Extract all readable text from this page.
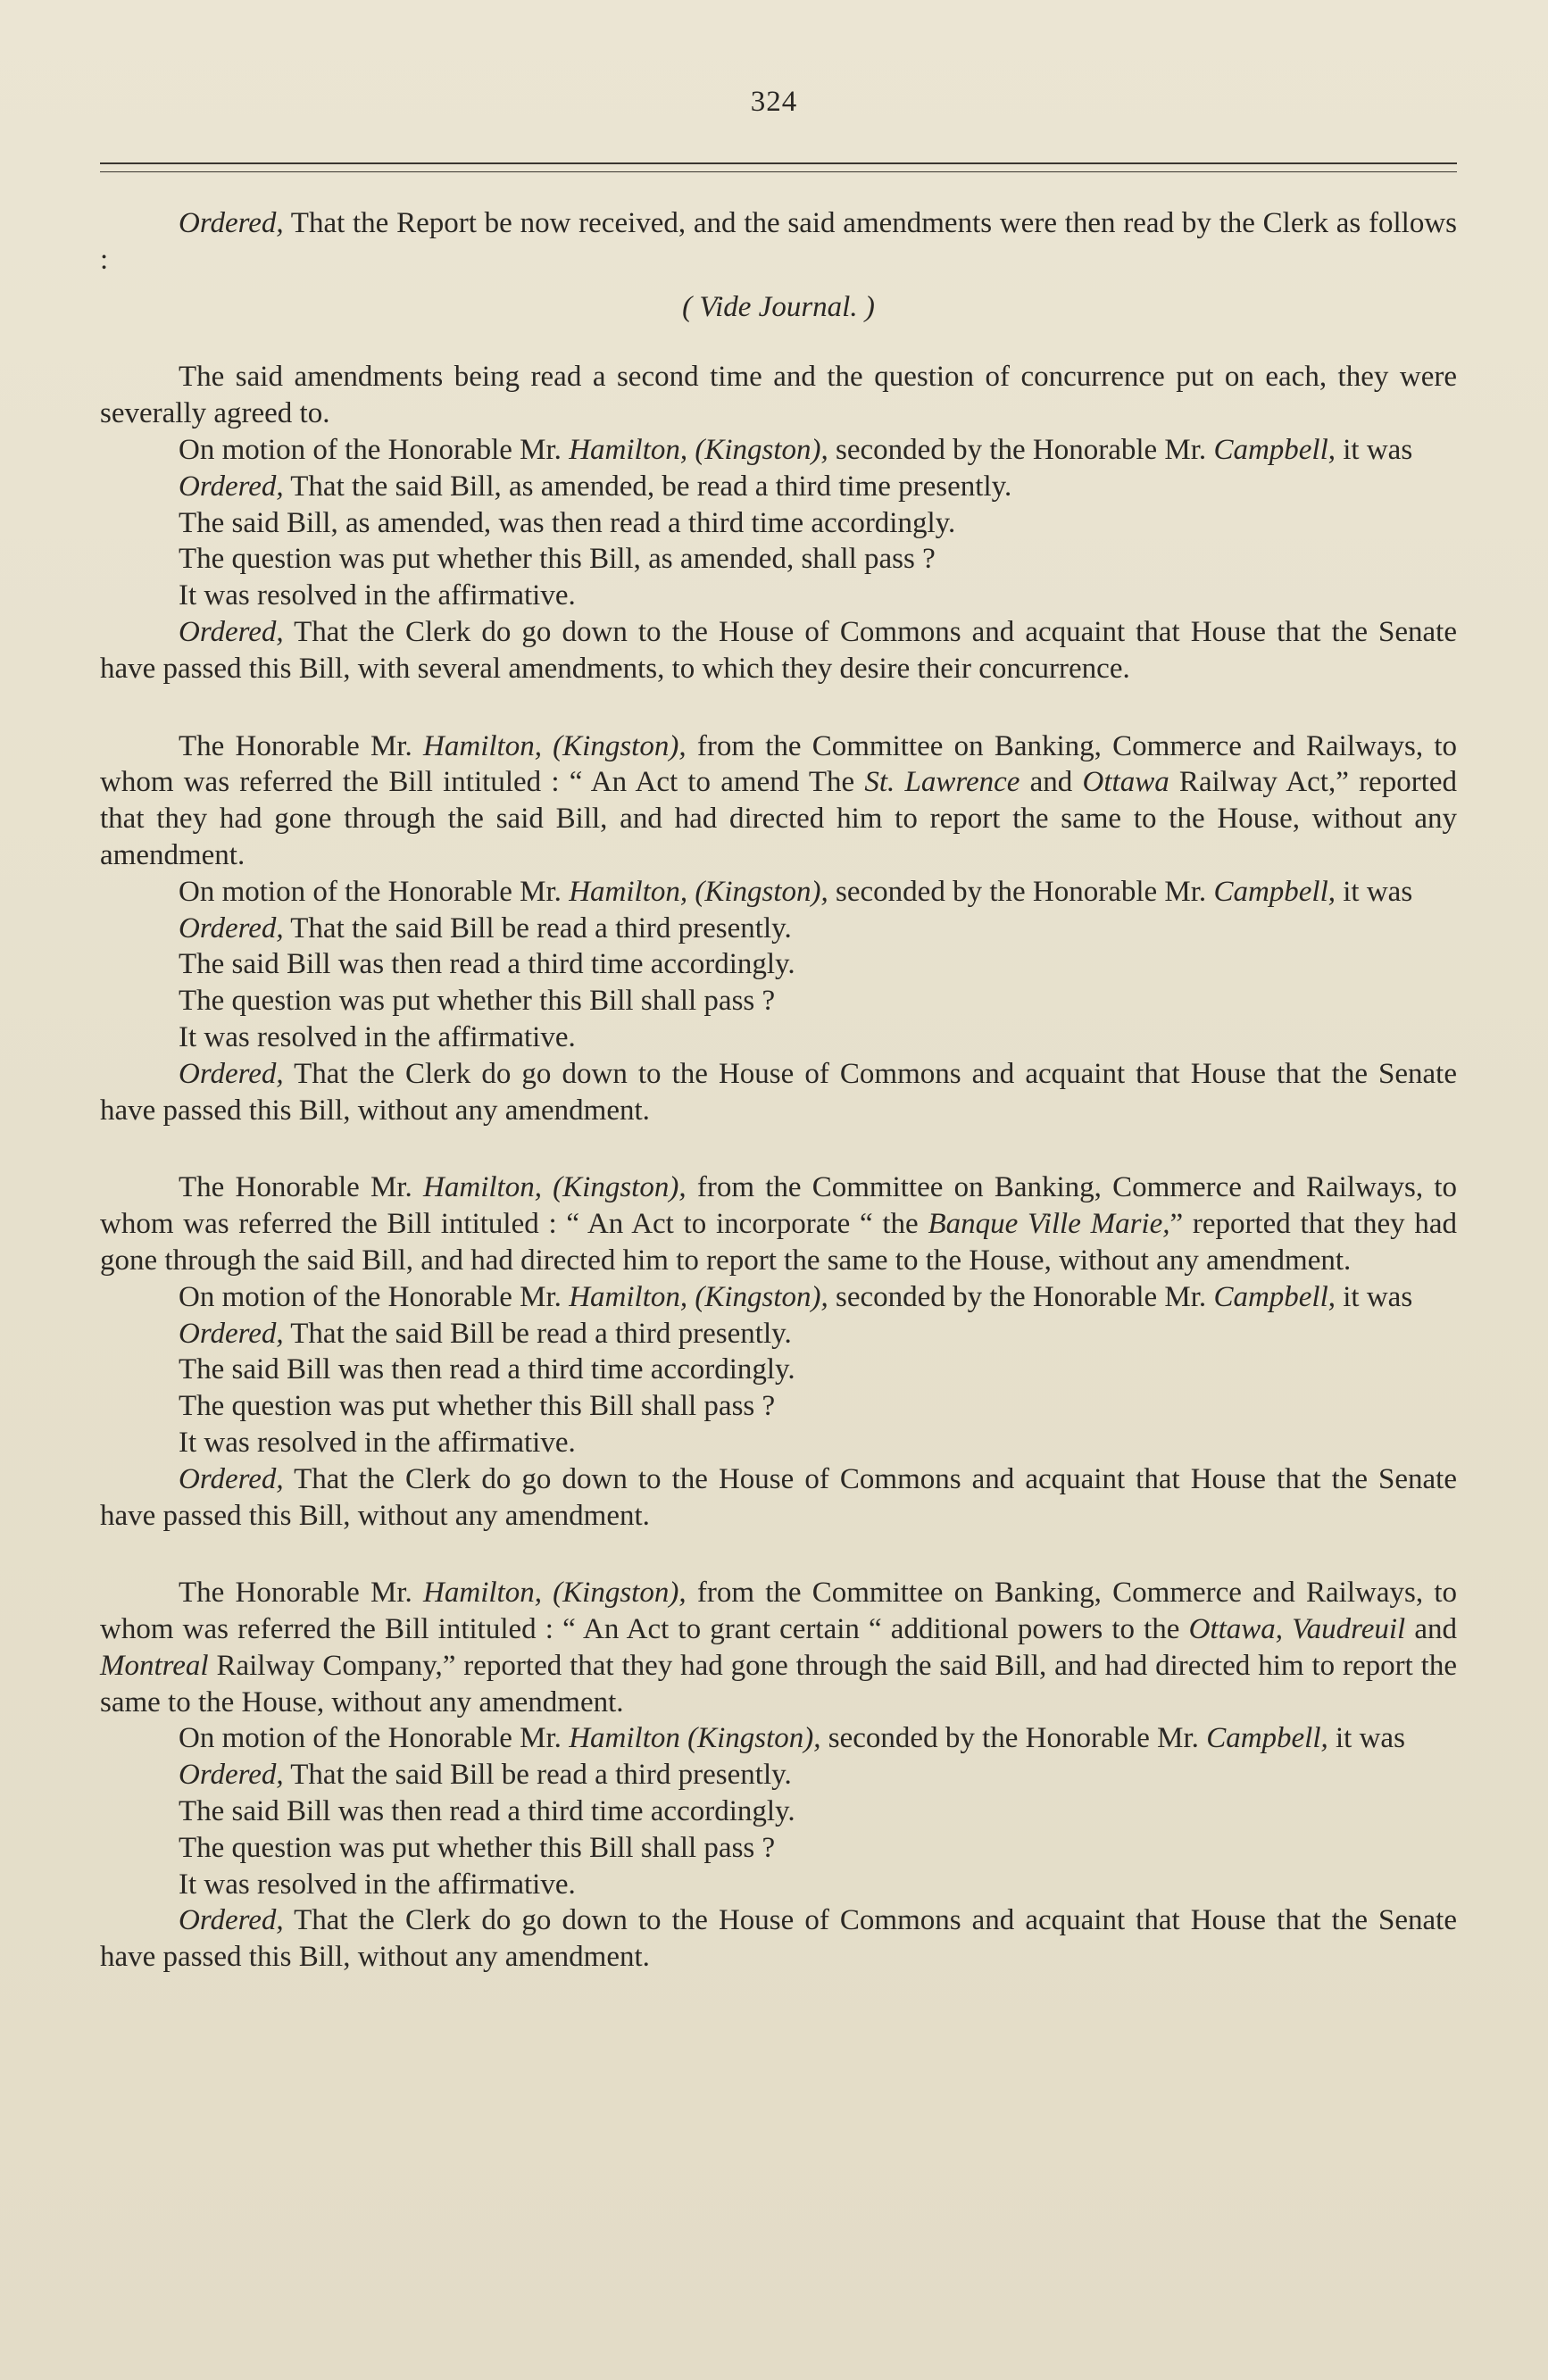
324

Ordered, That the Report be now received, and the said amendments were then read by the Clerk as follows :

( Vide Journal. )

The said amendments being read a second time and the question of concurrence put on each, they were severally agreed to.

On motion of the Honorable Mr. Hamilton, (Kingston), seconded by the Honorable Mr. Campbell, it was

Ordered, That the said Bill, as amended, be read a third time presently.

The said Bill, as amended, was then read a third time accordingly.

The question was put whether this Bill, as amended, shall pass ?

It was resolved in the affirmative.

Ordered, That the Clerk do go down to the House of Commons and acquaint that House that the Senate have passed this Bill, with several amendments, to which they desire their concurrence.

The Honorable Mr. Hamilton, (Kingston), from the Committee on Banking, Commerce and Railways, to whom was referred the Bill intituled : “ An Act to amend The St. Lawrence and Ottawa Railway Act,” reported that they had gone through the said Bill, and had directed him to report the same to the House, without any amendment.

On motion of the Honorable Mr. Hamilton, (Kingston), seconded by the Honorable Mr. Campbell, it was

Ordered, That the said Bill be read a third presently.

The said Bill was then read a third time accordingly.

The question was put whether this Bill shall pass ?

It was resolved in the affirmative.

Ordered, That the Clerk do go down to the House of Commons and acquaint that House that the Senate have passed this Bill, without any amendment.

The Honorable Mr. Hamilton, (Kingston), from the Committee on Banking, Commerce and Railways, to whom was referred the Bill intituled : “ An Act to incorporate “ the Banque Ville Marie,” reported that they had gone through the said Bill, and had directed him to report the same to the House, without any amendment.

On motion of the Honorable Mr. Hamilton, (Kingston), seconded by the Honorable Mr. Campbell, it was

Ordered, That the said Bill be read a third presently.

The said Bill was then read a third time accordingly.

The question was put whether this Bill shall pass ?

It was resolved in the affirmative.

Ordered, That the Clerk do go down to the House of Commons and acquaint that House that the Senate have passed this Bill, without any amendment.

The Honorable Mr. Hamilton, (Kingston), from the Committee on Banking, Commerce and Railways, to whom was referred the Bill intituled : “ An Act to grant certain “ additional powers to the Ottawa, Vaudreuil and Montreal Railway Company,” reported that they had gone through the said Bill, and had directed him to report the same to the House, without any amendment.

On motion of the Honorable Mr. Hamilton (Kingston), seconded by the Honorable Mr. Campbell, it was

Ordered, That the said Bill be read a third presently.

The said Bill was then read a third time accordingly.

The question was put whether this Bill shall pass ?

It was resolved in the affirmative.

Ordered, That the Clerk do go down to the House of Commons and acquaint that House that the Senate have passed this Bill, without any amendment.
